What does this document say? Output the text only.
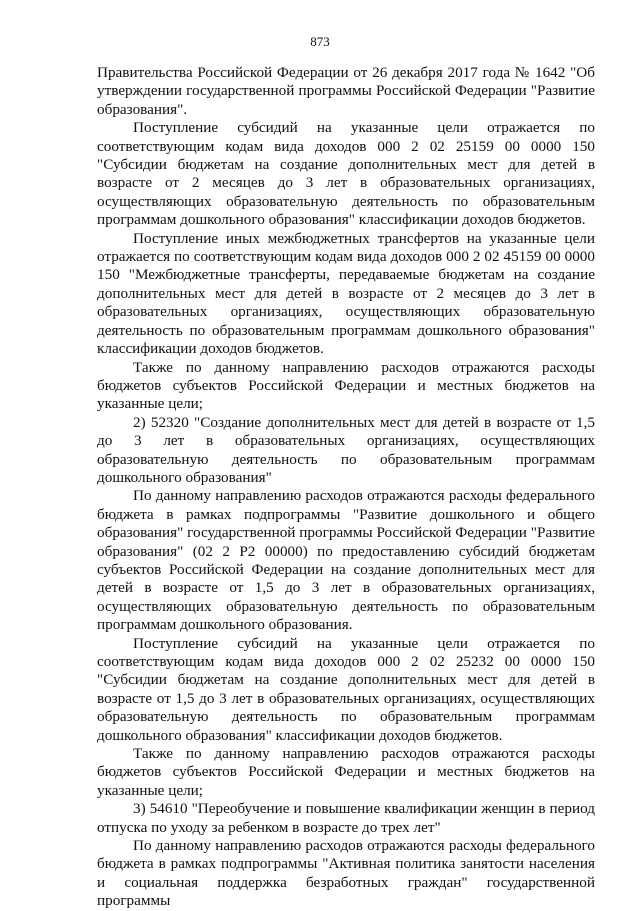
873

Правительства Российской Федерации от 26 декабря 2017 года № 1642 "Об утверждении государственной программы Российской Федерации "Развитие образования".

Поступление субсидий на указанные цели отражается по соответствующим кодам вида доходов 000 2 02 25159 00 0000 150 "Субсидии бюджетам на создание дополнительных мест для детей в возрасте от 2 месяцев до 3 лет в образовательных организациях, осуществляющих образовательную деятельность по образовательным программам дошкольного образования" классификации доходов бюджетов.

Поступление иных межбюджетных трансфертов на указанные цели отражается по соответствующим кодам вида доходов 000 2 02 45159 00 0000 150 "Межбюджетные трансферты, передаваемые бюджетам на создание дополнительных мест для детей в возрасте от 2 месяцев до 3 лет в образовательных организациях, осуществляющих образовательную деятельность по образовательным программам дошкольного образования" классификации доходов бюджетов.

Также по данному направлению расходов отражаются расходы бюджетов субъектов Российской Федерации и местных бюджетов на указанные цели;

2) 52320 "Создание дополнительных мест для детей в возрасте от 1,5 до 3 лет в образовательных организациях, осуществляющих образовательную деятельность по образовательным программам дошкольного образования"

По данному направлению расходов отражаются расходы федерального бюджета в рамках подпрограммы "Развитие дошкольного и общего образования" государственной программы Российской Федерации "Развитие образования" (02 2 Р2 00000) по предоставлению субсидий бюджетам субъектов Российской Федерации на создание дополнительных мест для детей в возрасте от 1,5 до 3 лет в образовательных организациях, осуществляющих образовательную деятельность по образовательным программам дошкольного образования.

Поступление субсидий на указанные цели отражается по соответствующим кодам вида доходов 000 2 02 25232 00 0000 150 "Субсидии бюджетам на создание дополнительных мест для детей в возрасте от 1,5 до 3 лет в образовательных организациях, осуществляющих образовательную деятельность по образовательным программам дошкольного образования" классификации доходов бюджетов.

Также по данному направлению расходов отражаются расходы бюджетов субъектов Российской Федерации и местных бюджетов на указанные цели;

3) 54610 "Переобучение и повышение квалификации женщин в период отпуска по уходу за ребенком в возрасте до трех лет"

По данному направлению расходов отражаются расходы федерального бюджета в рамках подпрограммы "Активная политика занятости населения и социальная поддержка безработных граждан" государственной программы
